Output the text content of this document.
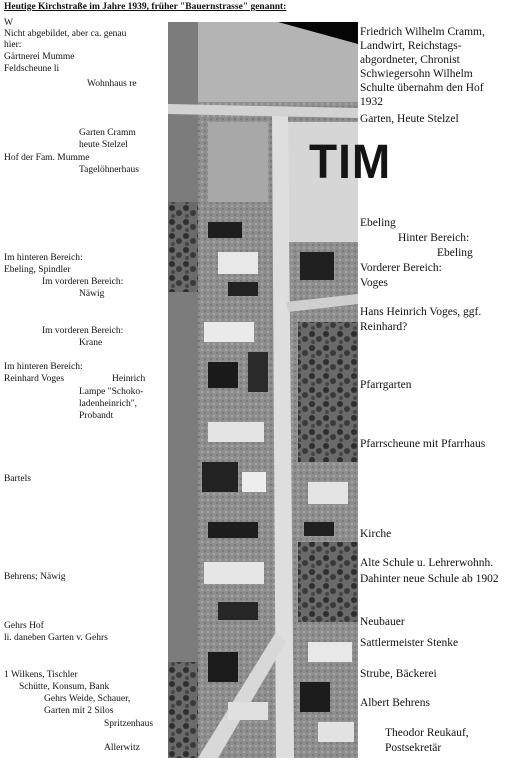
Heutige Kirchstraße im Jahre 1939, früher "Bauernstrasse" genannt:
TIM
W
Nicht abgebildet, aber ca. genau
hier:
Gärtnerei Mumme
Feldscheune li
Wohnhaus re
Garten Cramm
heute Stelzel
Hof der Fam. Mumme
Tagelöhnerhaus
Im hinteren Bereich:
Ebeling, Spindler
Im vorderen Bereich:
Näwig
Im vorderen Bereich:
Krane
Im hinteren Bereich:
Reinhard Voges	Heinrich
Lampe "Schoko-
ladenheinrich",
Probandt
Bartels
Behrens; Näwig
Gehrs Hof
li. daneben Garten v. Gehrs
1 Wilkens, Tischler
Schütte, Konsum, Bank
Gehrs Weide, Schauer,
Garten mit 2 Silos
Spritzenhaus
Allerwitz
Friedrich Wilhelm Cramm,
Landwirt, Reichstags-
abgordneter, Chronist
Schwiegersohn Wilhelm
Schulte übernahm den Hof
1932
Garten, Heute Stelzel
Ebeling
Hinter Bereich:
Ebeling
Vorderer Bereich:
Voges
Hans Heinrich Voges, ggf.
Reinhard?
Pfarrgarten
Pfarrscheune mit Pfarrhaus
Kirche
Alte Schule u. Lehrerwohnh.
Dahinter neue Schule ab 1902
Neubauer
Sattlermeister Stenke
Strube, Bäckerei
Albert Behrens
Theodor Reukauf,
Postsekretär
